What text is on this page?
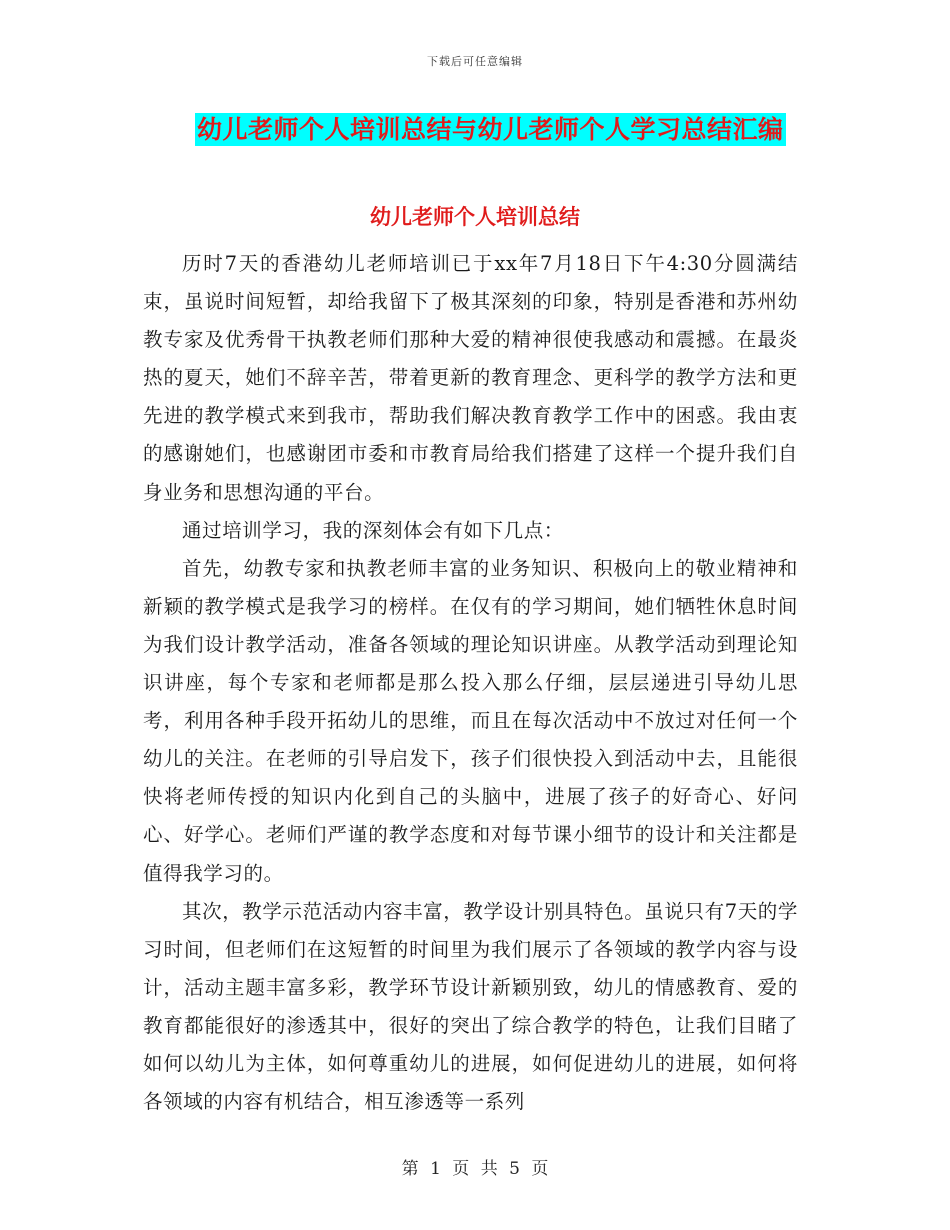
下载后可任意编辑
幼儿老师个人培训总结与幼儿老师个人学习总结汇编
幼儿老师个人培训总结

历时7天的香港幼儿老师培训已于xx年7月18日下午4:30分圆满结束，虽说时间短暂，却给我留下了极其深刻的印象，特别是香港和苏州幼教专家及优秀骨干执教老师们那种大爱的精神很使我感动和震撼。在最炎热的夏天，她们不辞辛苦，带着更新的教育理念、更科学的教学方法和更先进的教学模式来到我市，帮助我们解决教育教学工作中的困惑。我由衷的感谢她们，也感谢团市委和市教育局给我们搭建了这样一个提升我们自身业务和思想沟通的平台。

通过培训学习，我的深刻体会有如下几点：

首先，幼教专家和执教老师丰富的业务知识、积极向上的敬业精神和新颖的教学模式是我学习的榜样。在仅有的学习期间，她们牺牲休息时间为我们设计教学活动，准备各领域的理论知识讲座。从教学活动到理论知识讲座，每个专家和老师都是那么投入那么仔细，层层递进引导幼儿思考，利用各种手段开拓幼儿的思维，而且在每次活动中不放过对任何一个幼儿的关注。在老师的引导启发下，孩子们很快投入到活动中去，且能很快将老师传授的知识内化到自己的头脑中，进展了孩子的好奇心、好问心、好学心。老师们严谨的教学态度和对每节课小细节的设计和关注都是值得我学习的。

其次，教学示范活动内容丰富，教学设计别具特色。虽说只有7天的学习时间，但老师们在这短暂的时间里为我们展示了各领域的教学内容与设计，活动主题丰富多彩，教学环节设计新颖别致，幼儿的情感教育、爱的教育都能很好的渗透其中，很好的突出了综合教学的特色，让我们目睹了如何以幼儿为主体，如何尊重幼儿的进展，如何促进幼儿的进展，如何将各领域的内容有机结合，相互渗透等一系列

第 1 页 共 5 页
